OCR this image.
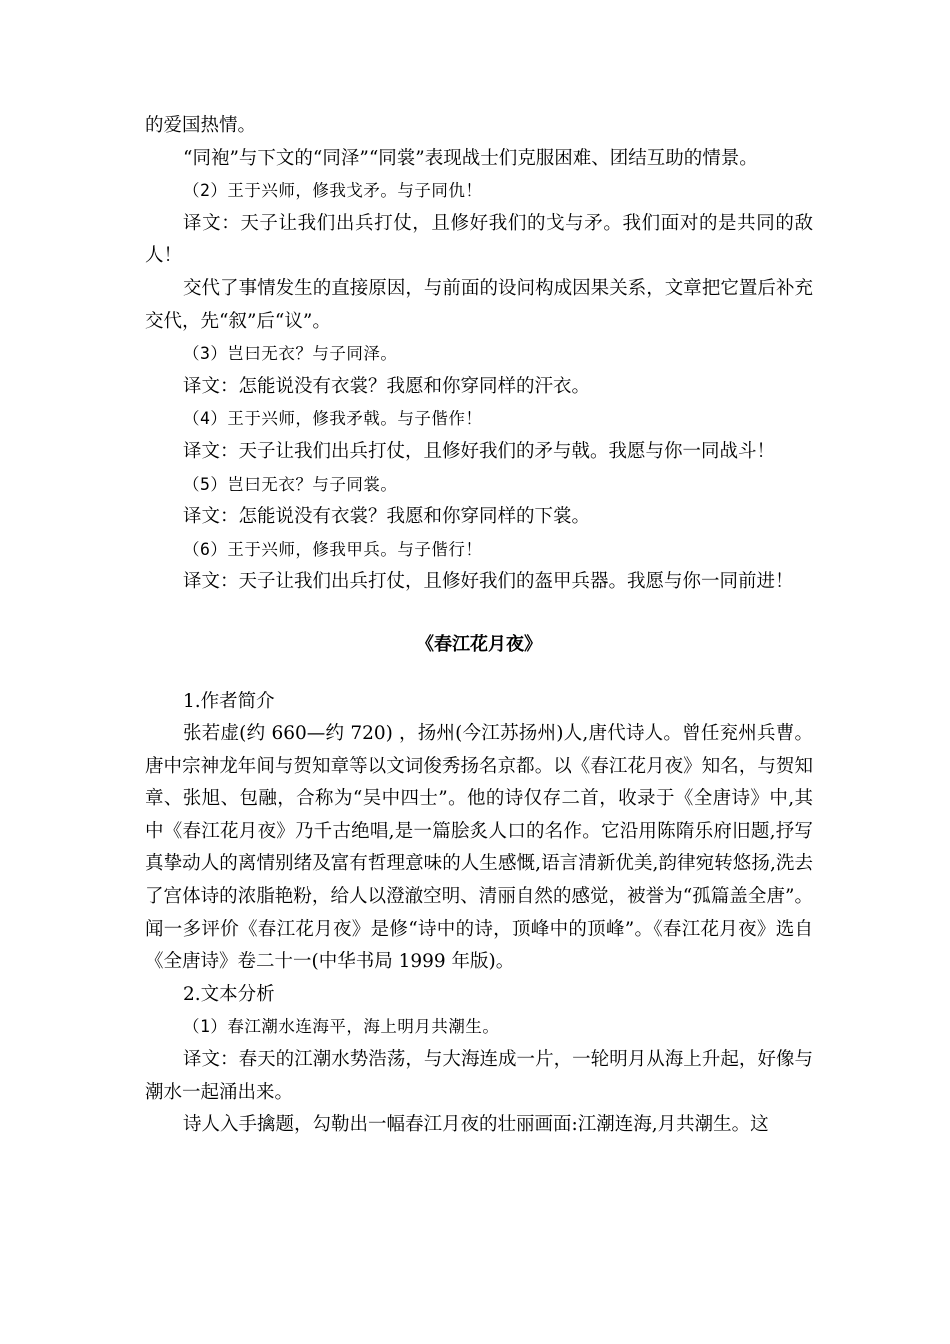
的爱国热情。

“同袍”与下文的“同泽”“同裳”表现战士们克服困难、团结互助的情景。

（2）王于兴师，修我戈矛。与子同仇！

译文：天子让我们出兵打仗，且修好我们的戈与矛。我们面对的是共同的敌人！

交代了事情发生的直接原因，与前面的设问构成因果关系，文章把它置后补充交代，先“叙”后“议”。

（3）岂曰无衣？与子同泽。

译文：怎能说没有衣裳？我愿和你穿同样的汗衣。

（4）王于兴师，修我矛戟。与子偕作！

译文：天子让我们出兵打仗，且修好我们的矛与戟。我愿与你一同战斗！

（5）岂曰无衣？与子同裳。

译文：怎能说没有衣裳？我愿和你穿同样的下裳。

（6）王于兴师，修我甲兵。与子偕行！

译文：天子让我们出兵打仗，且修好我们的盔甲兵器。我愿与你一同前进！

《春江花月夜》

1.作者简介

张若虚(约 660—约 720) ，扬州(今江苏扬州)人,唐代诗人。曾任兖州兵曹。唐中宗神龙年间与贺知章等以文词俊秀扬名京都。以《春江花月夜》知名，与贺知章、张旭、包融，合称为“吴中四士”。他的诗仅存二首，收录于《全唐诗》中,其中《春江花月夜》乃千古绝唱,是一篇脍炙人口的名作。它沿用陈隋乐府旧题,抒写真挚动人的离情别绪及富有哲理意味的人生感慨,语言清新优美,韵律宛转悠扬,洗去了宫体诗的浓脂艳粉，给人以澄澈空明、清丽自然的感觉，被誉为“孤篇盖全唐”。闻一多评价《春江花月夜》是修“诗中的诗，顶峰中的顶峰”。《春江花月夜》选自《全唐诗》卷二十一(中华书局 1999 年版)。

2.文本分析

（1）春江潮水连海平，海上明月共潮生。

译文：春天的江潮水势浩荡，与大海连成一片，一轮明月从海上升起，好像与潮水一起涌出来。

诗人入手擒题，勾勒出一幅春江月夜的壮丽画面:江潮连海,月共潮生。这
